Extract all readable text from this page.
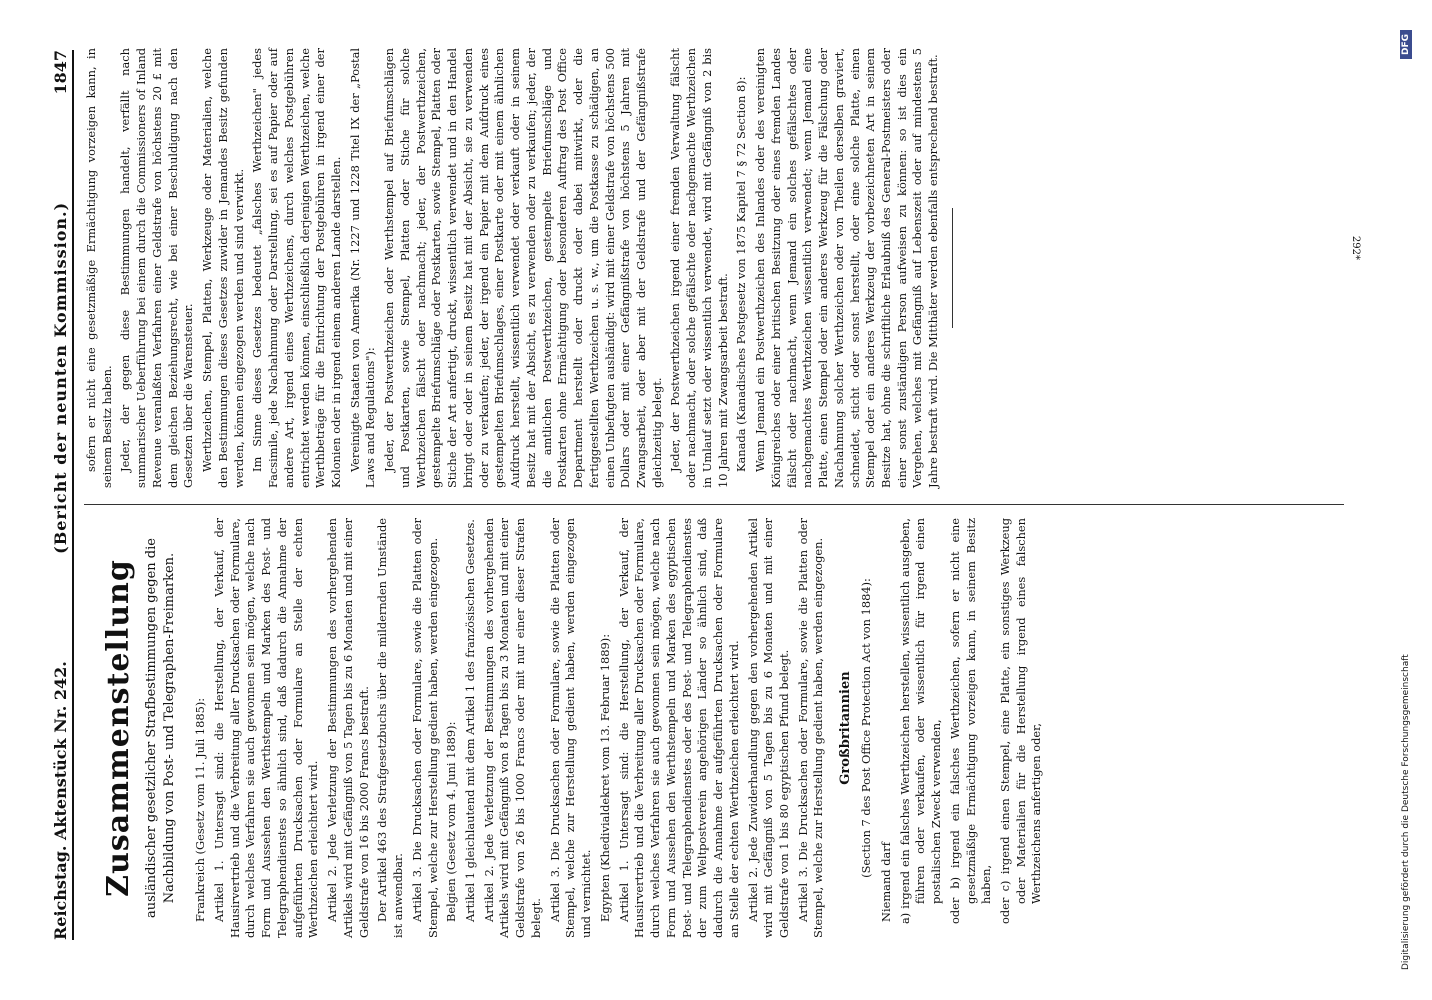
Reichstag. Aktenstück Nr. 242.
(Bericht der neunten Kommission.)
1847
Zusammenstellung ausländischer gesetzlicher Strafbestimmungen gegen die Nachbildung von Post- und Telegraphen-Freimarken. Frankreich (Gesetz vom 11. Juli 1885): Artikel 1. Untersagt sind: die Herstellung, der Verkauf, der Hausirvertrieb und die Verbreitung aller Drucksachen oder Formulare, durch welches Verfahren sie auch gewonnen sein mögen, welche nach Form und Aussehen den Werthstempeln und Marken des Post- und Telegraphendienstes so ähnlich sind, daß dadurch die Annahme der aufgeführten Drucksachen oder Formulare an Stelle der echten Werthzeichen erleichtert wird. Artikel 2. Jede Verletzung der Bestimmungen des vorhergehenden Artikels wird mit Gefängniß von 5 Tagen bis zu 6 Monaten und mit einer Geldstrafe von 16 bis 2000 Francs bestraft. Der Artikel 463 des Strafgesetzbuchs über die mildernden Umstände ist anwendbar. Artikel 3. Die Drucksachen oder Formulare, sowie die Platten oder Stempel, welche zur Herstellung gedient haben, werden eingezogen. Belgien (Gesetz vom 4. Juni 1889): Artikel 1 gleichlautend mit dem Artikel 1 des französischen Gesetzes. Artikel 2. Jede Verletzung der Bestimmungen des vorhergehenden Artikels wird mit Gefängniß von 8 Tagen bis zu 3 Monaten und mit einer Geldstrafe von 26 bis 1000 Francs oder mit nur einer dieser Strafen belegt. Artikel 3. Die Drucksachen oder Formulare, sowie die Platten oder Stempel, welche zur Herstellung gedient haben, werden eingezogen und vernichtet. Egypten (Khedivialdekret vom 13. Februar 1889): Artikel 1. Untersagt sind: die Herstellung, der Verkauf, der Hausirvertrieb und die Verbreitung aller Drucksachen oder Formulare, durch welches Verfahren sie auch gewonnen sein mögen, welche nach Form und Aussehen den Werthstempeln und Marken des egyptischen Post- und Telegraphendienstes oder des Post- und Telegraphendienstes der zum Weltpostverein angehörigen Länder so ähnlich sind, daß dadurch die Annahme der aufgeführten Drucksachen oder Formulare an Stelle der echten Werthzeichen erleichtert wird. Artikel 2. Jede Zuwiderhandlung gegen den vorhergehenden Artikel wird mit Gefängniß von 5 Tagen bis zu 6 Monaten und mit einer Geldstrafe von 1 bis 80 egyptischen Pfund belegt. Artikel 3. Die Drucksachen oder Formulare, sowie die Platten oder Stempel, welche zur Herstellung gedient haben, werden eingezogen. Großbritannien (Section 7 des Post Office Protection Act von 1884):

Niemand darf a) irgend ein falsches Werthzeichen herstellen, wissentlich ausgeben, führen oder verkaufen, oder wissentlich für irgend einen postalischen Zweck verwenden, oder b) irgend ein falsches Werthzeichen, sofern er nicht eine gesetzmäßige Ermächtigung vorzeigen kann, in seinem Besitz haben, oder c) irgend einen Stempel, eine Platte, ein sonstiges Werkzeug oder Materialien für die Herstellung irgend eines falschen Werthzeichens anfertigen oder,

sofern er nicht eine gesetzmäßige Ermächtigung vorzeigen kann, in seinem Besitz haben. Jeder, der gegen diese Bestimmungen handelt, verfällt nach summarischer Ueberführung bei einem durch die Commissioners of Inland Revenue veranlaßten Verfahren einer Geldstrafe von höchstens 20 £ mit dem gleichen Beziehungsrecht, wie bei einer Beschuldigung nach den Gesetzen über die Warensteuer. Werthzeichen, Stempel, Platten, Werkzeuge oder Materialien, welche den Bestimmungen dieses Gesetzes zuwider in Jemandes Besitz gefunden werden, können eingezogen werden und sind verwirkt. Im Sinne dieses Gesetzes bedeutet „falsches Werthzeichen" jedes Facsimile, jede Nachahmung oder Darstellung, sei es auf Papier oder auf andere Art, irgend eines Werthzeichens, durch welches Postgebühren entrichtet werden können, einschließlich derjenigen Werthzeichen, welche Werthbeträge für die Entrichtung der Postgebühren in irgend einer der Kolonien oder in irgend einem anderen Lande darstellen. Vereinigte Staaten von Amerika (Nr. 1227 und 1228 Titel IX der „Postal Laws and Regulations"): Jeder, der Postwerthzeichen oder Werthstempel auf Briefumschlägen und Postkarten, sowie Stempel, Platten oder Stiche für solche Werthzeichen fälscht oder nachmacht; jeder, der Postwerthzeichen, gestempelte Briefumschläge oder Postkarten, sowie Stempel, Platten oder Stiche der Art anfertigt, druckt, wissentlich verwendet und in den Handel bringt oder oder in seinem Besitz hat mit der Absicht, sie zu verwenden oder zu verkaufen; jeder, der irgend ein Papier mit dem Aufdruck eines gestempelten Briefumschlages, einer Postkarte oder mit einem ähnlichen Aufdruck herstellt, wissentlich verwendet oder verkauft oder in seinem Besitz hat mit der Absicht, es zu verwenden oder zu verkaufen; jeder, der die amtlichen Postwerthzeichen, gestempelte Briefumschläge und Postkarten ohne Ermächtigung oder besonderen Auftrag des Post Office Department herstellt oder druckt oder dabei mitwirkt, oder die fertiggestellten Werthzeichen u. s. w., um die Postkasse zu schädigen, an einen Unbefugten aushändigt: wird mit einer Geldstrafe von höchstens 500 Dollars oder mit einer Gefängnißstrafe von höchstens 5 Jahren mit Zwangsarbeit, oder aber mit der Geldstrafe und der Gefängnißstrafe gleichzeitig belegt. Jeder, der Postwerthzeichen irgend einer fremden Verwaltung fälscht oder nachmacht, oder solche gefälschte oder nachgemachte Werthzeichen in Umlauf setzt oder wissentlich verwendet, wird mit Gefängniß von 2 bis 10 Jahren mit Zwangsarbeit bestraft. Kanada (Kanadisches Postgesetz von 1875 Kapitel 7 § 72 Section 8): Wenn Jemand ein Postwerthzeichen des Inlandes oder des vereinigten Königreiches oder einer britischen Besitzung oder eines fremden Landes fälscht oder nachmacht, wenn Jemand ein solches gefälschtes oder nachgemachtes Werthzeichen wissentlich verwendet; wenn Jemand eine Platte, einen Stempel oder ein anderes Werkzeug für die Fälschung oder Nachahmung solcher Werthzeichen oder von Theilen derselben graviert, schneidet, sticht oder sonst herstellt, oder eine solche Platte, einen Stempel oder ein anderes Werkzeug der vorbezeichneten Art in seinem Besitze hat, ohne die schriftliche Erlaubniß des General-Postmeisters oder einer sonst zuständigen Person aufweisen zu können: so ist dies ein Vergehen, welches mit Gefängniß auf Lebenszeit oder auf mindestens 5 Jahre bestraft wird. Die Mitthäter werden ebenfalls entsprechend bestraft.	292*
Digitalisierung gefördert durch die Deutsche Forschungsgemeinschaft
DFG
